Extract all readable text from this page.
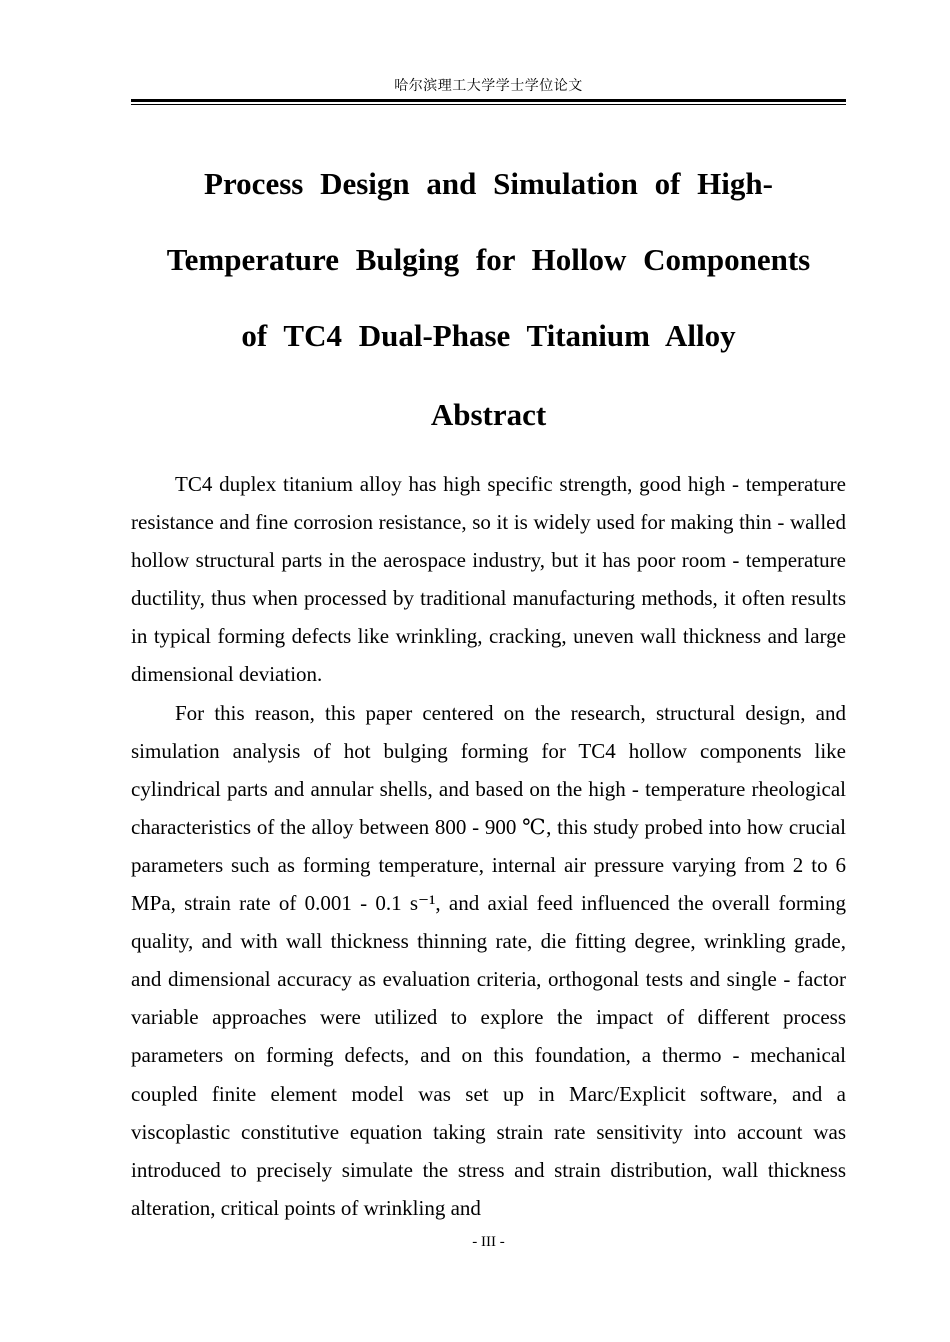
哈尔滨理工大学学士学位论文
Process Design and Simulation of High-
Temperature Bulging for Hollow Components
of TC4 Dual-Phase Titanium Alloy
Abstract

TC4 duplex titanium alloy has high specific strength, good high - temperature resistance and fine corrosion resistance, so it is widely used for making thin - walled hollow structural parts in the aerospace industry, but it has poor room - temperature ductility, thus when processed by traditional manufacturing methods, it often results in typical forming defects like wrinkling, cracking, uneven wall thickness and large dimensional deviation.

For this reason, this paper centered on the research, structural design, and simulation analysis of hot bulging forming for TC4 hollow components like cylindrical parts and annular shells, and based on the high - temperature rheological characteristics of the alloy between 800 - 900 ℃, this study probed into how crucial parameters such as forming temperature, internal air pressure varying from 2 to 6 MPa, strain rate of 0.001 - 0.1 s⁻¹, and axial feed influenced the overall forming quality, and with wall thickness thinning rate, die fitting degree, wrinkling grade, and dimensional accuracy as evaluation criteria, orthogonal tests and single - factor variable approaches were utilized to explore the impact of different process parameters on forming defects, and on this foundation, a thermo - mechanical coupled finite element model was set up in Marc/Explicit software, and a viscoplastic constitutive equation taking strain rate sensitivity into account was introduced to precisely simulate the stress and strain distribution, wall thickness alteration, critical points of wrinkling and

- III -
